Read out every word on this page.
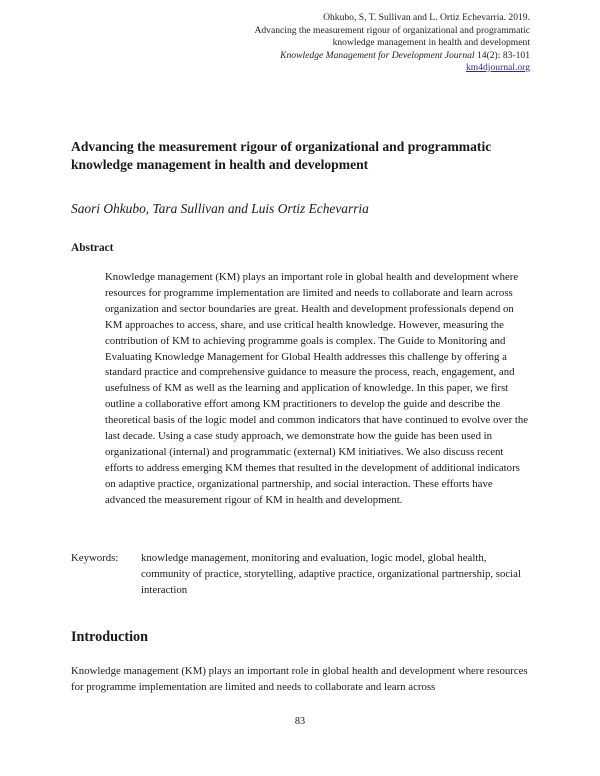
Ohkubo, S, T. Sullivan and L. Ortiz Echevarria. 2019.
Advancing the measurement rigour of organizational and programmatic
knowledge management in health and development
Knowledge Management for Development Journal 14(2): 83-101
km4djournal.org
Advancing the measurement rigour of organizational and programmatic knowledge management in health and development

Saori Ohkubo, Tara Sullivan and Luis Ortiz Echevarria

Abstract

Knowledge management (KM) plays an important role in global health and development where resources for programme implementation are limited and needs to collaborate and learn across organization and sector boundaries are great. Health and development professionals depend on KM approaches to access, share, and use critical health knowledge. However, measuring the contribution of KM to achieving programme goals is complex. The Guide to Monitoring and Evaluating Knowledge Management for Global Health addresses this challenge by offering a standard practice and comprehensive guidance to measure the process, reach, engagement, and usefulness of KM as well as the learning and application of knowledge. In this paper, we first outline a collaborative effort among KM practitioners to develop the guide and describe the theoretical basis of the logic model and common indicators that have continued to evolve over the last decade. Using a case study approach, we demonstrate how the guide has been used in organizational (internal) and programmatic (external) KM initiatives. We also discuss recent efforts to address emerging KM themes that resulted in the development of additional indicators on adaptive practice, organizational partnership, and social interaction. These efforts have advanced the measurement rigour of KM in health and development.

Keywords: knowledge management, monitoring and evaluation, logic model, global health, community of practice, storytelling, adaptive practice, organizational partnership, social interaction
Introduction

Knowledge management (KM) plays an important role in global health and development where resources for programme implementation are limited and needs to collaborate and learn across

83
